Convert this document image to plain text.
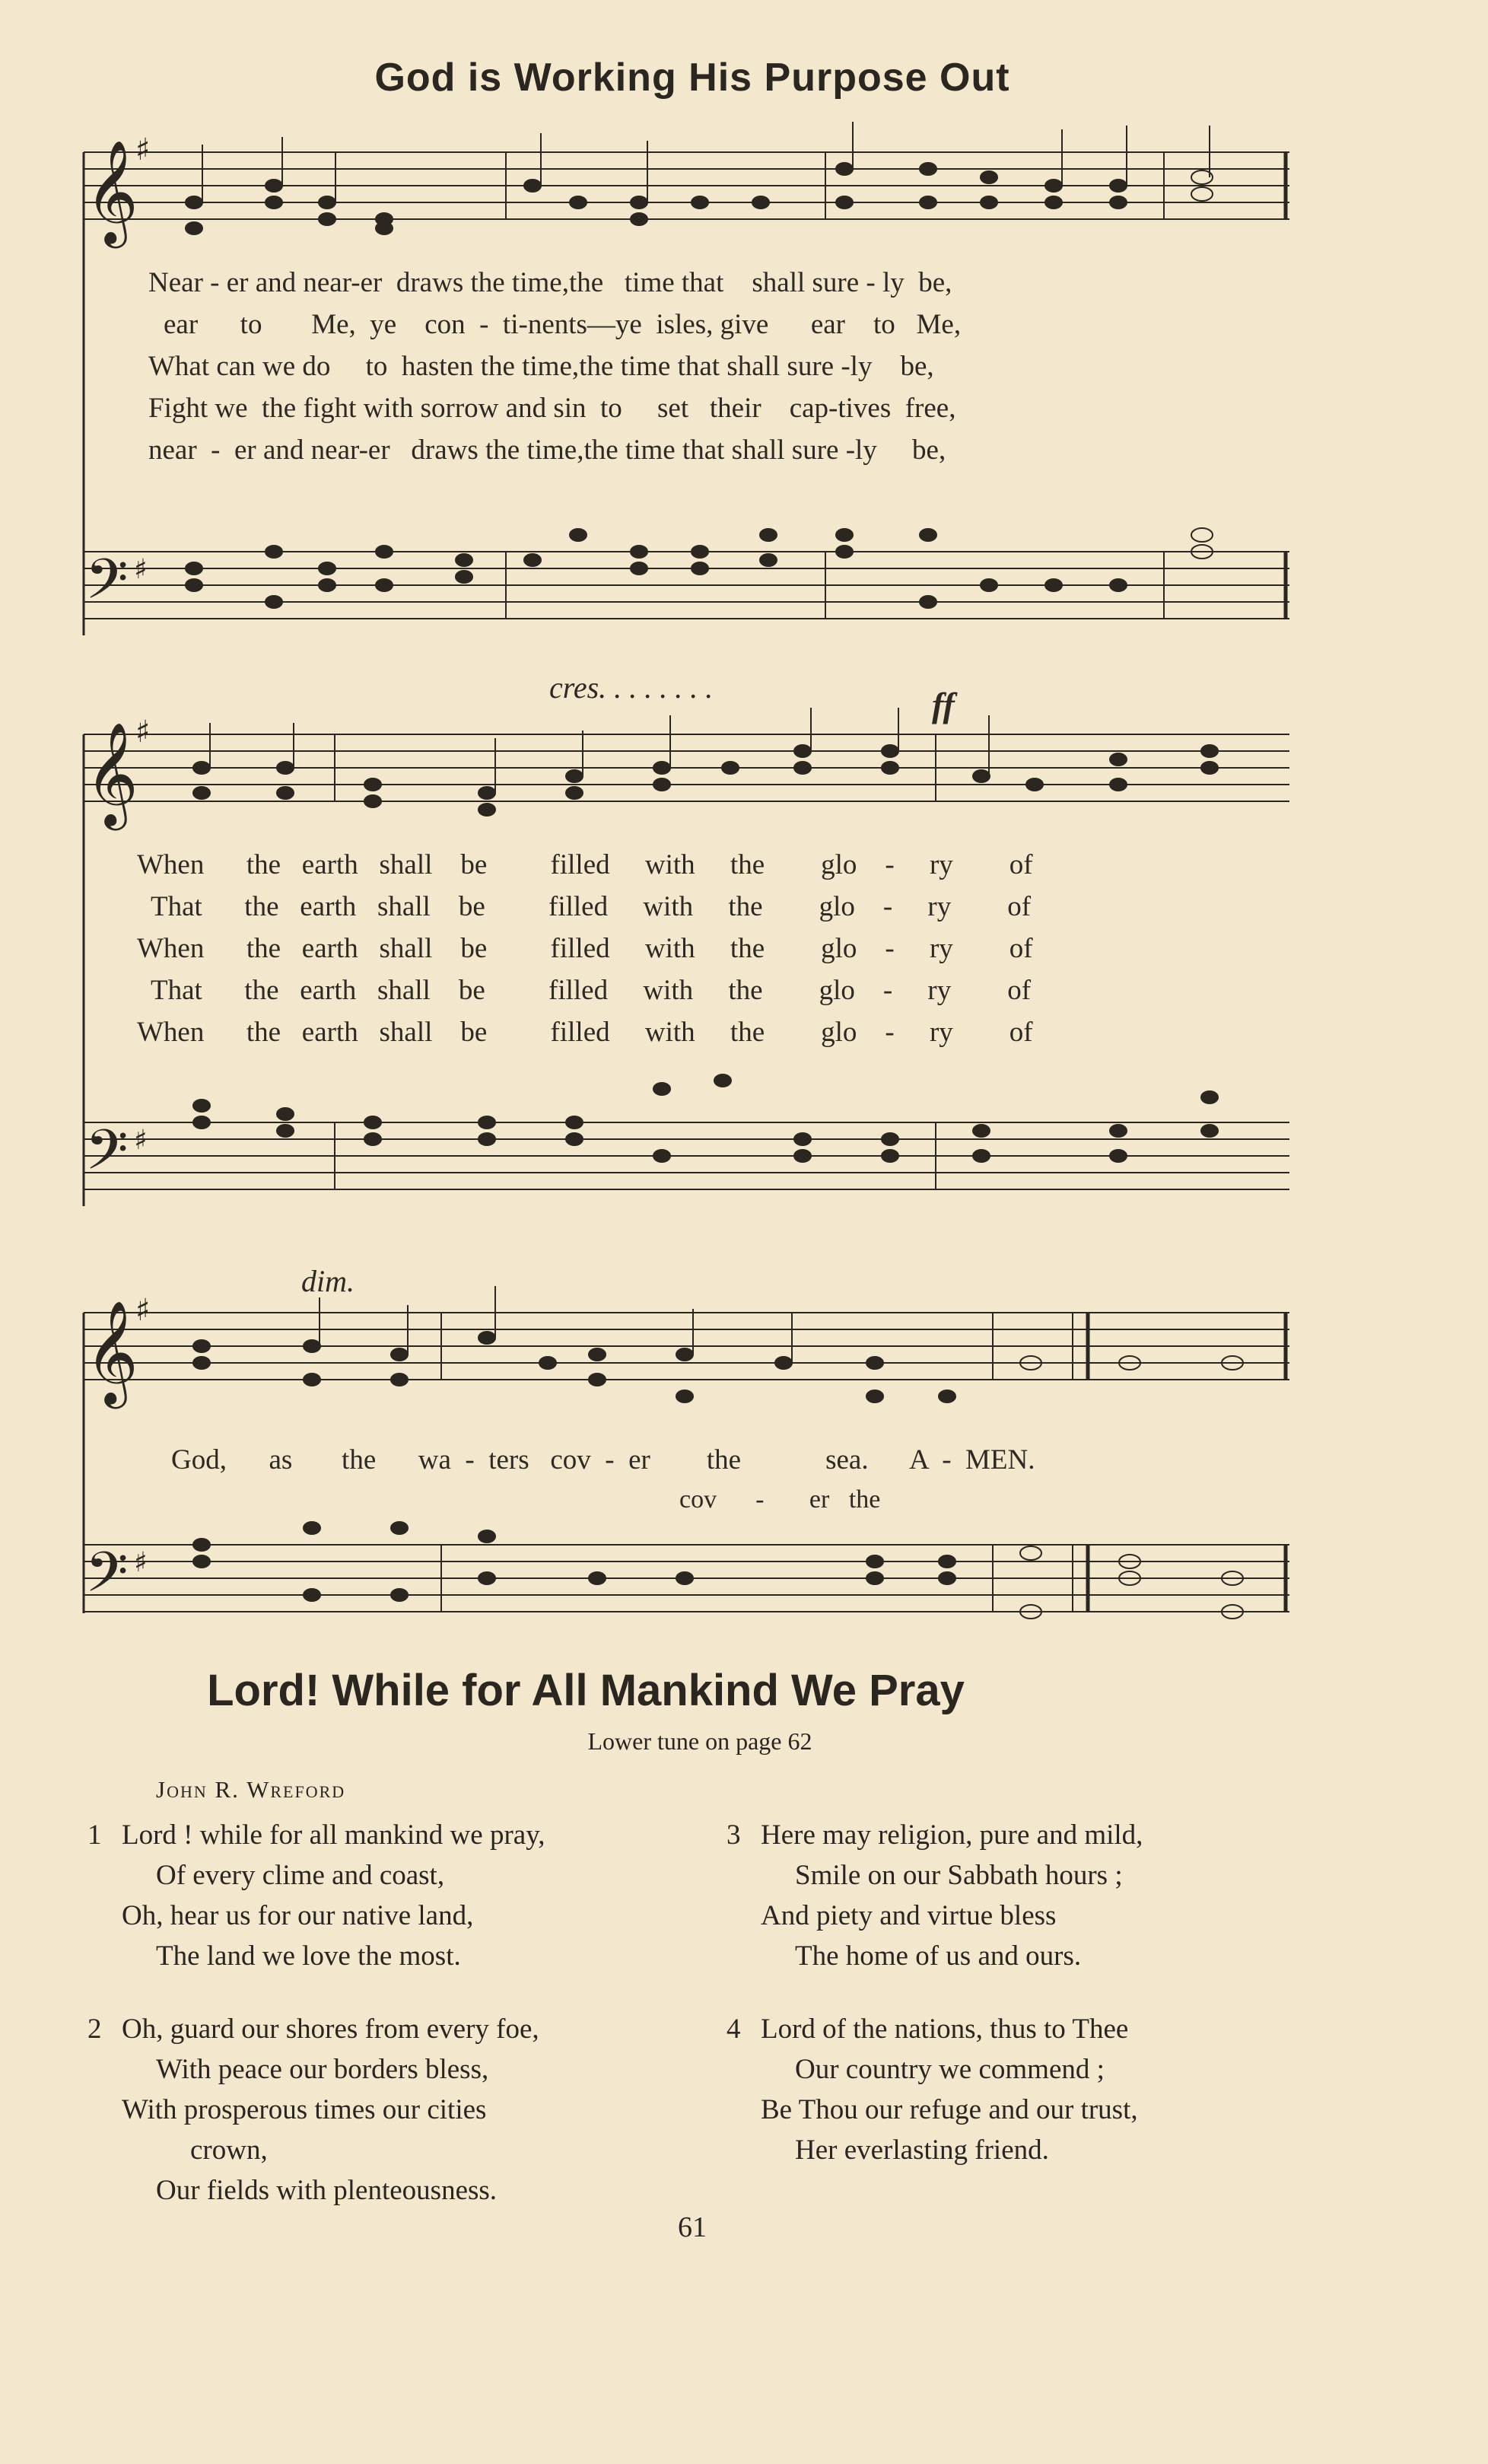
God is Working His Purpose Out
𝄞
𝄢
𝄞
𝄢
𝄞
𝄢
♯
♯
♯
♯
♯
♯
cres. . . . . . . .	ff
dim.
Near - er and near-er  draws the time,the   time that    shall sure - ly  be,
ear      to       Me,  ye    con  -  ti-nents—ye  isles, give      ear    to   Me,
What can we do     to  hasten the time,the time that shall sure -ly    be,
Fight we  the fight with sorrow and sin  to     set   their    cap-tives  free,
near  -  er and near-er   draws the time,the time that shall sure -ly     be,
When      the   earth   shall    be         filled     with     the        glo    -     ry        of
That      the   earth   shall    be         filled     with     the        glo    -     ry        of
When      the   earth   shall    be         filled     with     the        glo    -     ry        of
That      the   earth   shall    be         filled     with     the        glo    -     ry        of
When      the   earth   shall    be         filled     with     the        glo    -     ry        of
God,      as       the      wa  -  ters   cov  -  er        the            sea.      A  -  MEN.
cov      -       er   the
Lord! While for All Mankind We Pray
Lower tune on page 62
John R. Wreford
1 Lord ! while for all mankind we pray,
Of every clime and coast,
Oh, hear us for our native land,
The land we love the most.
2 Oh, guard our shores from every foe,
With peace our borders bless,
With prosperous times our cities
crown,
Our fields with plenteousness.
3 Here may religion, pure and mild,
Smile on our Sabbath hours ;
And piety and virtue bless
The home of us and ours.
4 Lord of the nations, thus to Thee
Our country we commend ;
Be Thou our refuge and our trust,
Her everlasting friend.
61
